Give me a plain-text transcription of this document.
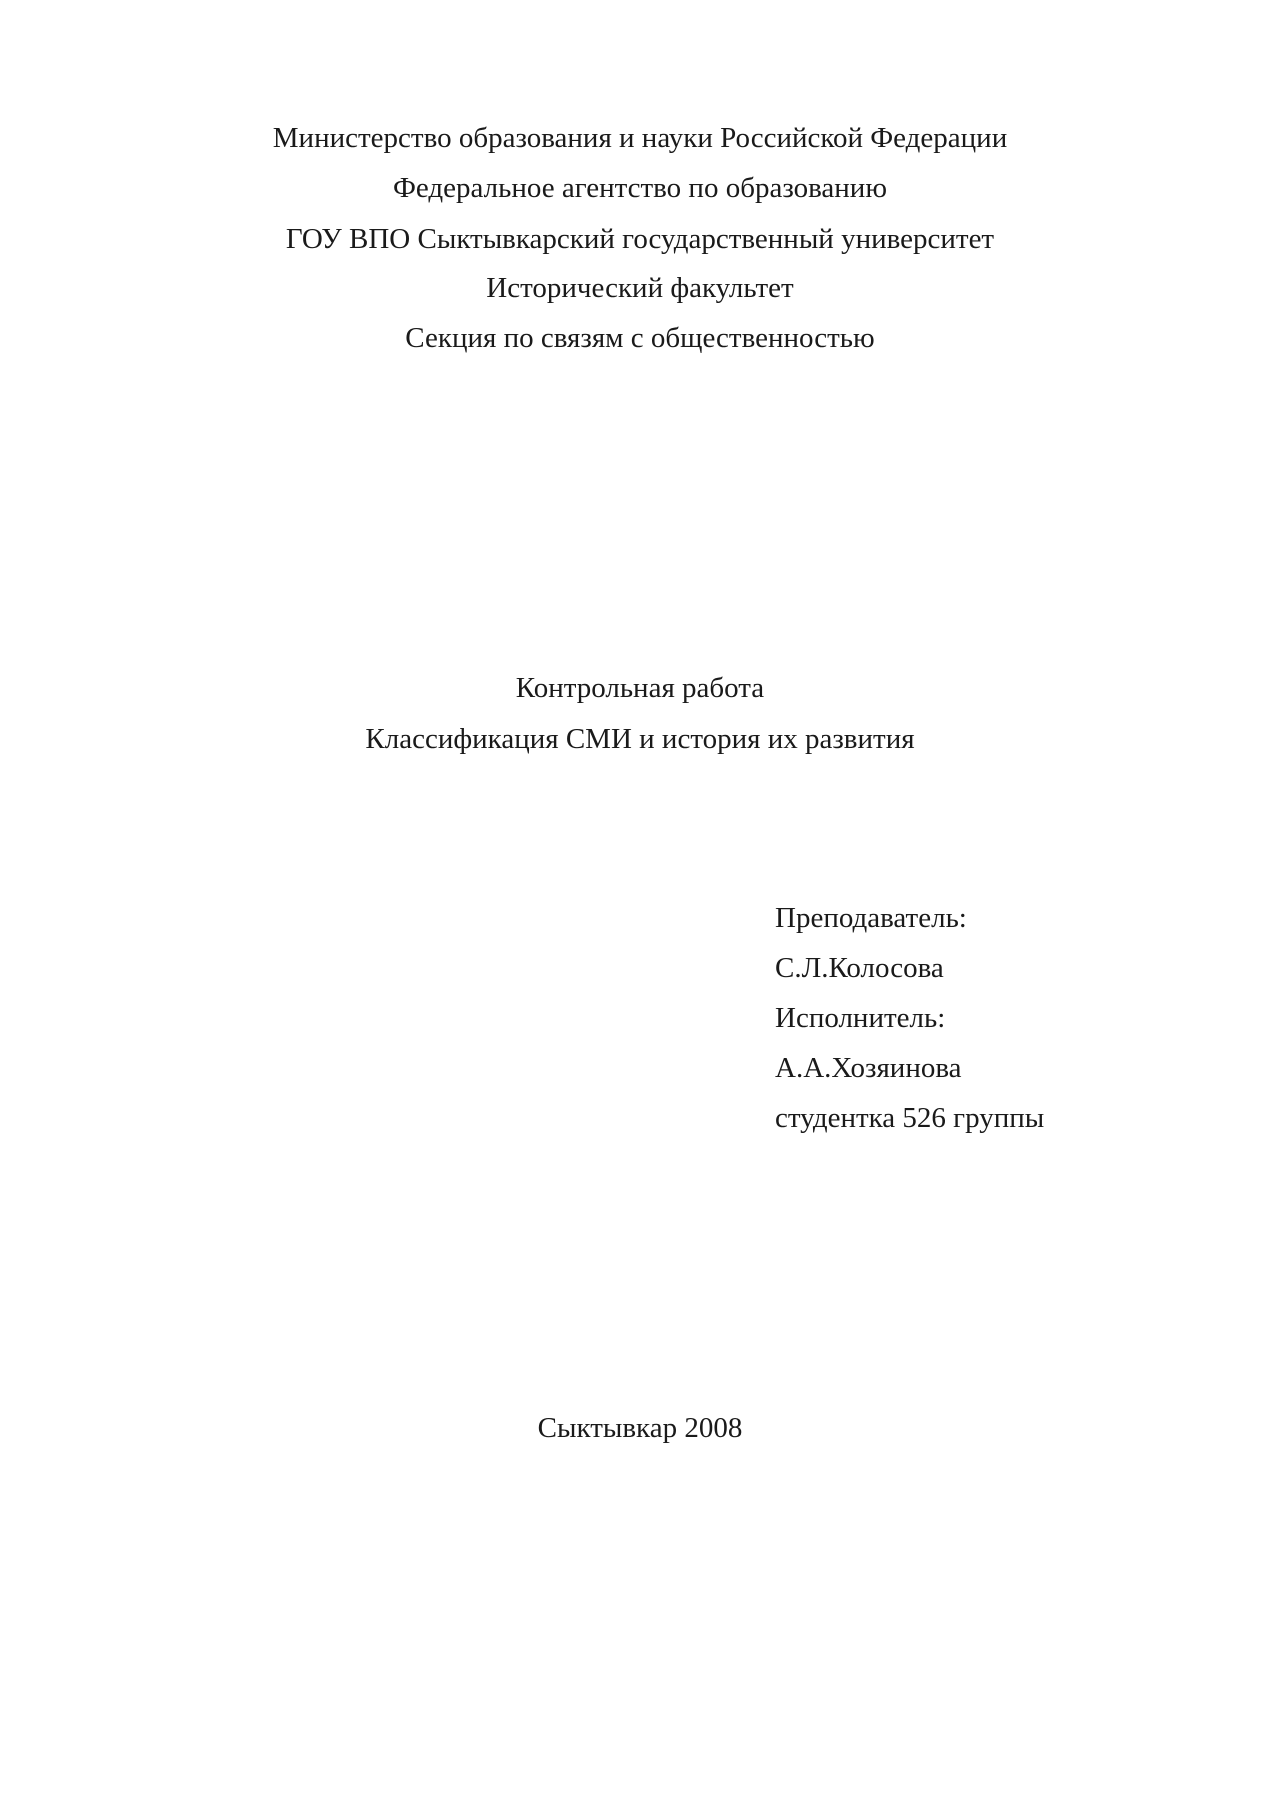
Министерство образования и науки Российской Федерации
Федеральное агентство по образованию
ГОУ ВПО Сыктывкарский государственный университет
Исторический факультет
Секция по связям с общественностью
Контрольная работа
Классификация СМИ и история их развития
Преподаватель:
С.Л.Колосова
Исполнитель:
А.А.Хозяинова
студентка 526 группы
Сыктывкар 2008
